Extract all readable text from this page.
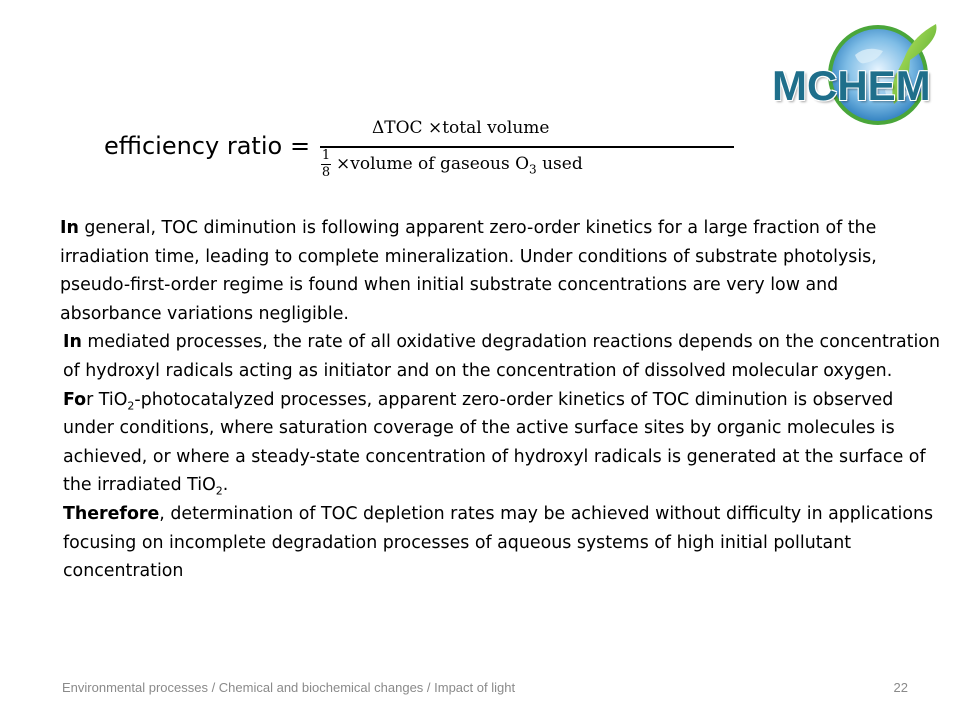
MCHEM
efficiency ratio =
ΔTOC ×total volume
1
8 ×volume of gaseous $O_3$ used

In general, TOC diminution is following apparent zero-order kinetics for a large fraction of the irradiation time, leading to complete mineralization. Under conditions of substrate photolysis, pseudo-first-order regime is found when initial substrate concentrations are very low and absorbance variations negligible.

In mediated processes, the rate of all oxidative degradation reactions depends on the concentration of hydroxyl radicals acting as initiator and on the concentration of dissolved molecular oxygen.

For TiO$_2$-photocatalyzed processes, apparent zero-order kinetics of TOC diminution is observed under conditions, where saturation coverage of the active surface sites by organic molecules is achieved, or where a steady-state concentration of hydroxyl radicals is generated at the surface of the irradiated TiO$_2$.

Therefore, determination of TOC depletion rates may be achieved without difficulty in applications focusing on incomplete degradation processes of aqueous systems of high initial pollutant concentration

Environmental processes / Chemical and biochemical changes / Impact of light	22
